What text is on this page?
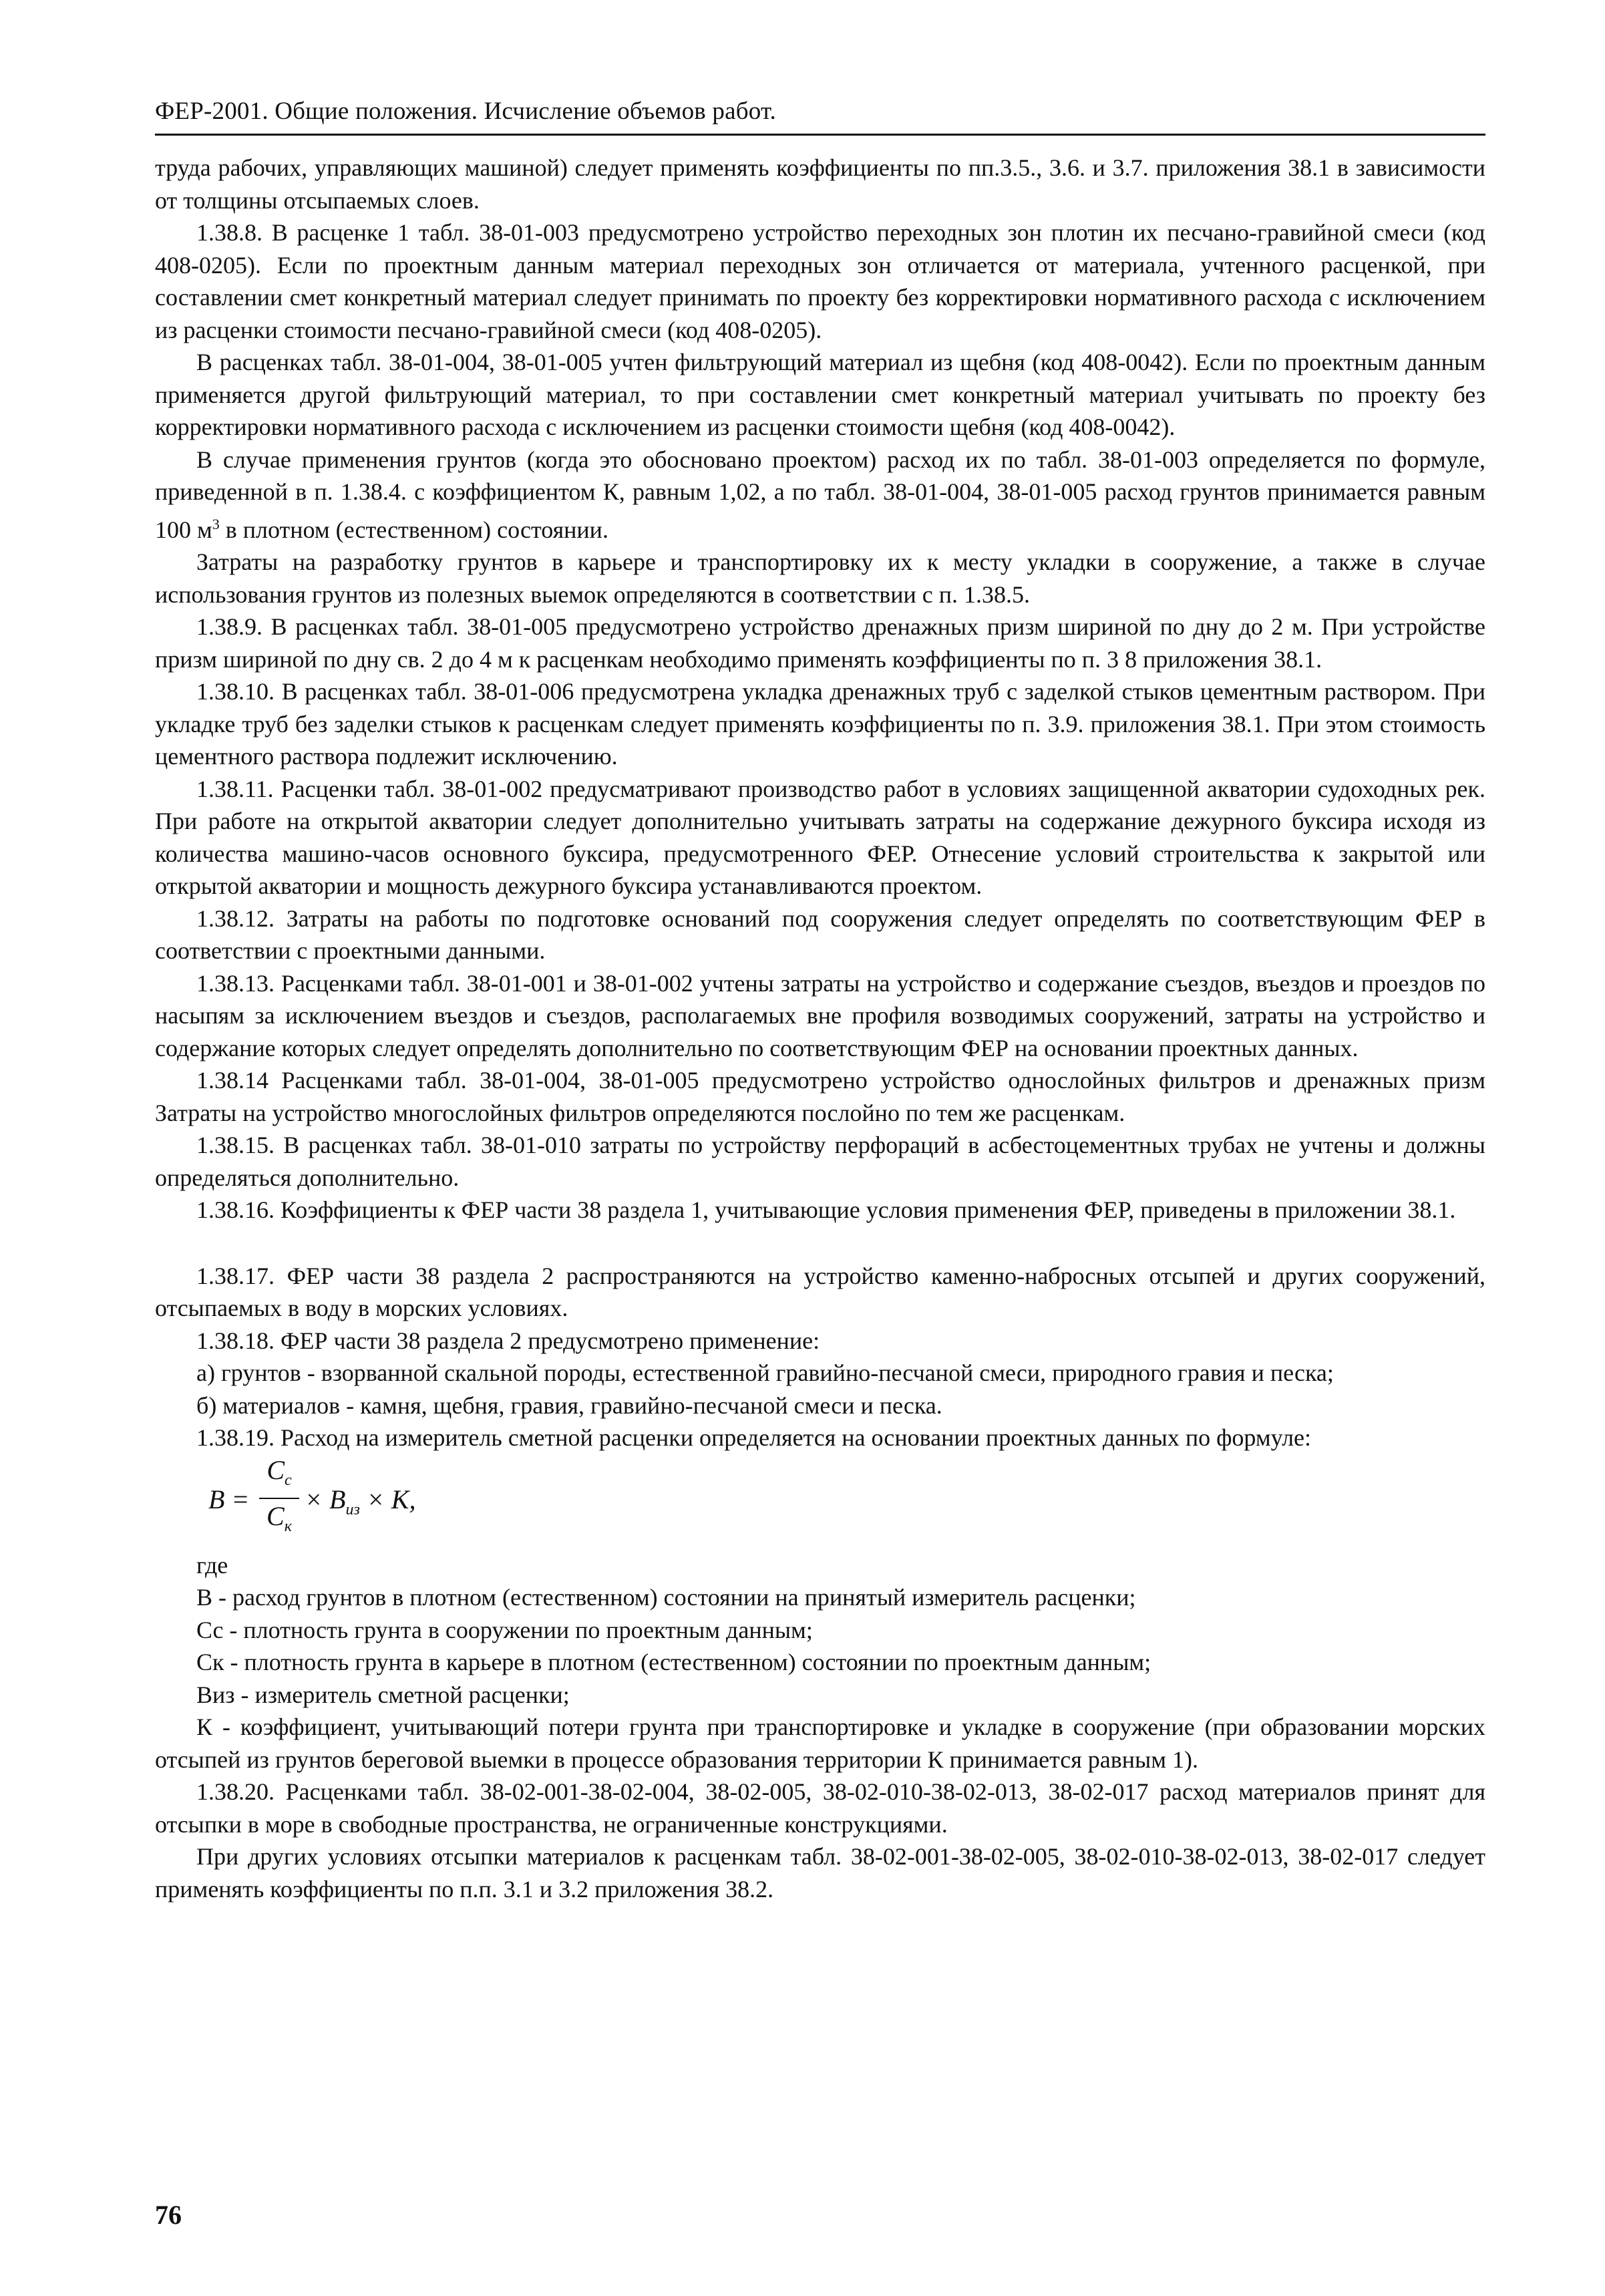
ФЕР-2001. Общие положения. Исчисление объемов работ.

труда рабочих, управляющих машиной) следует применять коэффициенты по пп.3.5., 3.6. и 3.7. приложения 38.1 в зависимости от толщины отсыпаемых слоев.

1.38.8. В расценке 1 табл. 38-01-003 предусмотрено устройство переходных зон плотин их песчано-гравийной смеси (код 408-0205). Если по проектным данным материал переходных зон отличается от материала, учтенного расценкой, при составлении смет конкретный материал следует принимать по проекту без корректировки нормативного расхода с исключением из расценки стоимости песчано-гравийной смеси (код 408-0205).

В расценках табл. 38-01-004, 38-01-005 учтен фильтрующий материал из щебня (код 408-0042). Если по проектным данным применяется другой фильтрующий материал, то при составлении смет конкретный материал учитывать по проекту без корректировки нормативного расхода с исключением из расценки стоимости щебня (код 408-0042).

В случае применения грунтов (когда это обосновано проектом) расход их по табл. 38-01-003 определяется по формуле, приведенной в п. 1.38.4. с коэффициентом К, равным 1,02, а по табл. 38-01-004, 38-01-005 расход грунтов принимается равным 100 $м^3$ в плотном (естественном) состоянии.

Затраты на разработку грунтов в карьере и транспортировку их к месту укладки в сооружение, а также в случае использования грунтов из полезных выемок определяются в соответствии с п. 1.38.5.

1.38.9. В расценках табл. 38-01-005 предусмотрено устройство дренажных призм шириной по дну до 2 м. При устройстве призм шириной по дну св. 2 до 4 м к расценкам необходимо применять коэффициенты по п. 3 8 приложения 38.1.

1.38.10. В расценках табл. 38-01-006 предусмотрена укладка дренажных труб с заделкой стыков цементным раствором. При укладке труб без заделки стыков к расценкам следует применять коэффициенты по п. 3.9. приложения 38.1. При этом стоимость цементного раствора подлежит исключению.

1.38.11. Расценки табл. 38-01-002 предусматривают производство работ в условиях защищенной акватории судоходных рек. При работе на открытой акватории следует дополнительно учитывать затраты на содержание дежурного буксира исходя из количества машино-часов основного буксира, предусмотренного ФЕР. Отнесение условий строительства к закрытой или открытой акватории и мощность дежурного буксира устанавливаются проектом.

1.38.12. Затраты на работы по подготовке оснований под сооружения следует определять по соответствующим ФЕР в соответствии с проектными данными.

1.38.13. Расценками табл. 38-01-001 и 38-01-002 учтены затраты на устройство и содержание съездов, въездов и проездов по насыпям за исключением въездов и съездов, располагаемых вне профиля возводимых сооружений, затраты на устройство и содержание которых следует определять дополнительно по соответствующим ФЕР на основании проектных данных.

1.38.14 Расценками табл. 38-01-004, 38-01-005 предусмотрено устройство однослойных фильтров и дренажных призм Затраты на устройство многослойных фильтров определяются послойно по тем же расценкам.

1.38.15. В расценках табл. 38-01-010 затраты по устройству перфораций в асбестоцементных трубах не учтены и должны определяться дополнительно.

1.38.16. Коэффициенты к ФЕР части 38 раздела 1, учитывающие условия применения ФЕР, приведены в приложении 38.1.

1.38.17. ФЕР части 38 раздела 2 распространяются на устройство каменно-набросных отсыпей и других сооружений, отсыпаемых в воду в морских условиях.

1.38.18. ФЕР части 38 раздела 2 предусмотрено применение:

а) грунтов - взорванной скальной породы, естественной гравийно-песчаной смеси, природного гравия и песка;

б) материалов - камня, щебня, гравия, гравийно-песчаной смеси и песка.

1.38.19. Расход на измеритель сметной расценки определяется на основании проектных данных по формуле:

B =
$C_c$
$C_к$
× $B_{из} \times K$,

где

В - расход грунтов в плотном (естественном) состоянии на принятый измеритель расценки;

Сс - плотность грунта в сооружении по проектным данным;

Ск - плотность грунта в карьере в плотном (естественном) состоянии по проектным данным;

Виз - измеритель сметной расценки;

К - коэффициент, учитывающий потери грунта при транспортировке и укладке в сооружение (при образовании морских отсыпей из грунтов береговой выемки в процессе образования территории К принимается равным 1).

1.38.20. Расценками табл. 38-02-001-38-02-004, 38-02-005, 38-02-010-38-02-013, 38-02-017 расход материалов принят для отсыпки в море в свободные пространства, не ограниченные конструкциями.

При других условиях отсыпки материалов к расценкам табл. 38-02-001-38-02-005, 38-02-010-38-02-013, 38-02-017 следует применять коэффициенты по п.п. 3.1 и 3.2 приложения 38.2.

76
